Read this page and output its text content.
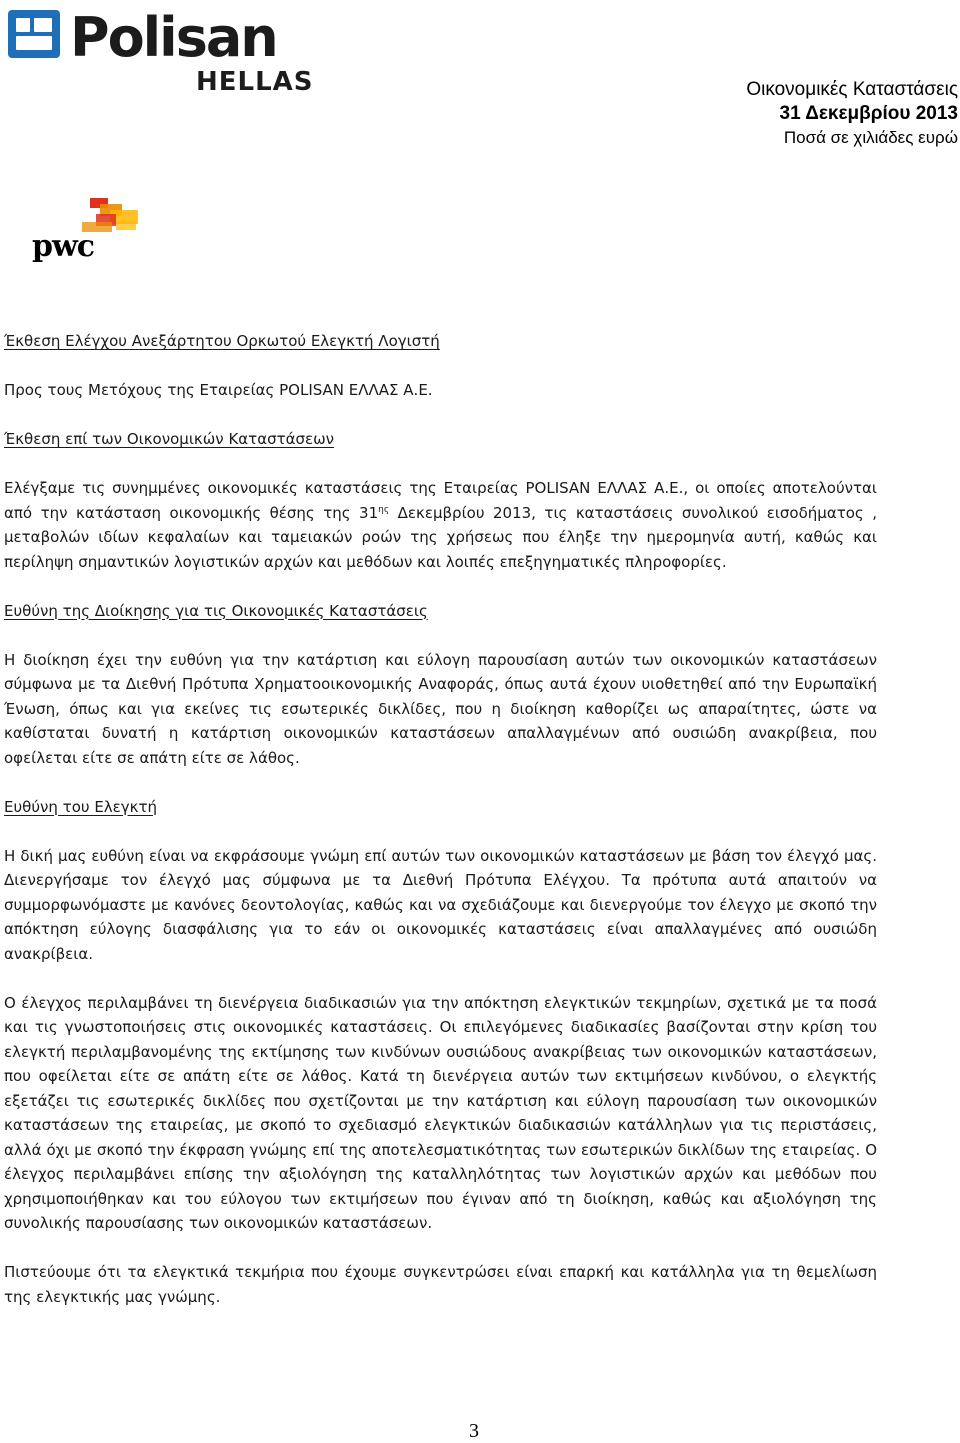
Polisan
HELLAS	Οικονομικές Καταστάσεις
31 Δεκεμβρίου 2013
Ποσά σε χιλιάδες ευρώ
pwc

Έκθεση Ελέγχου Ανεξάρτητου Ορκωτού Ελεγκτή Λογιστή

Προς τους Μετόχους της Εταιρείας POLISAN ΕΛΛΑΣ Α.Ε.

Έκθεση επί των Οικονομικών Καταστάσεων

Ελέγξαμε τις συνημμένες οικονομικές καταστάσεις της Εταιρείας POLISAN ΕΛΛΑΣ Α.Ε., οι οποίες αποτελούνται από την κατάσταση οικονομικής θέσης της $31^{\eta\varsigma}$ Δεκεμβρίου 2013, τις καταστάσεις συνολικού εισοδήματος , μεταβολών ιδίων κεφαλαίων και ταμειακών ροών της χρήσεως που έληξε την ημερομηνία αυτή, καθώς και περίληψη σημαντικών λογιστικών αρχών και μεθόδων και λοιπές επεξηγηματικές πληροφορίες.

Ευθύνη της Διοίκησης για τις Οικονομικές Καταστάσεις

Η διοίκηση έχει την ευθύνη για την κατάρτιση και εύλογη παρουσίαση αυτών των οικονομικών καταστάσεων σύμφωνα με τα Διεθνή Πρότυπα Χρηματοοικονομικής Αναφοράς, όπως αυτά έχουν υιοθετηθεί από την Ευρωπαϊκή Ένωση, όπως και για εκείνες τις εσωτερικές δικλίδες, που η διοίκηση καθορίζει ως απαραίτητες, ώστε να καθίσταται δυνατή η κατάρτιση οικονομικών καταστάσεων απαλλαγμένων από ουσιώδη ανακρίβεια, που οφείλεται είτε σε απάτη είτε σε λάθος.

Ευθύνη του Ελεγκτή

Η δική μας ευθύνη είναι να εκφράσουμε γνώμη επί αυτών των οικονομικών καταστάσεων με βάση τον έλεγχό μας. Διενεργήσαμε τον έλεγχό μας σύμφωνα με τα Διεθνή Πρότυπα Ελέγχου. Τα πρότυπα αυτά απαιτούν να συμμορφωνόμαστε με κανόνες δεοντολογίας, καθώς και να σχεδιάζουμε και διενεργούμε τον έλεγχο με σκοπό την απόκτηση εύλογης διασφάλισης για το εάν οι οικονομικές καταστάσεις είναι απαλλαγμένες από ουσιώδη ανακρίβεια.

Ο έλεγχος περιλαμβάνει τη διενέργεια διαδικασιών για την απόκτηση ελεγκτικών τεκμηρίων, σχετικά με τα ποσά και τις γνωστοποιήσεις στις οικονομικές καταστάσεις. Οι επιλεγόμενες διαδικασίες βασίζονται στην κρίση του ελεγκτή περιλαμβανομένης της εκτίμησης των κινδύνων ουσιώδους ανακρίβειας των οικονομικών καταστάσεων, που οφείλεται είτε σε απάτη είτε σε λάθος. Κατά τη διενέργεια αυτών των εκτιμήσεων κινδύνου, ο ελεγκτής εξετάζει τις εσωτερικές δικλίδες που σχετίζονται με την κατάρτιση και εύλογη παρουσίαση των οικονομικών καταστάσεων της εταιρείας, με σκοπό το σχεδιασμό ελεγκτικών διαδικασιών κατάλληλων για τις περιστάσεις, αλλά όχι με σκοπό την έκφραση γνώμης επί της αποτελεσματικότητας των εσωτερικών δικλίδων της εταιρείας. Ο έλεγχος περιλαμβάνει επίσης την αξιολόγηση της καταλληλότητας των λογιστικών αρχών και μεθόδων που χρησιμοποιήθηκαν και του εύλογου των εκτιμήσεων που έγιναν από τη διοίκηση, καθώς και αξιολόγηση της συνολικής παρουσίασης των οικονομικών καταστάσεων.

Πιστεύουμε ότι τα ελεγκτικά τεκμήρια που έχουμε συγκεντρώσει είναι επαρκή και κατάλληλα για τη θεμελίωση της ελεγκτικής μας γνώμης.

3
